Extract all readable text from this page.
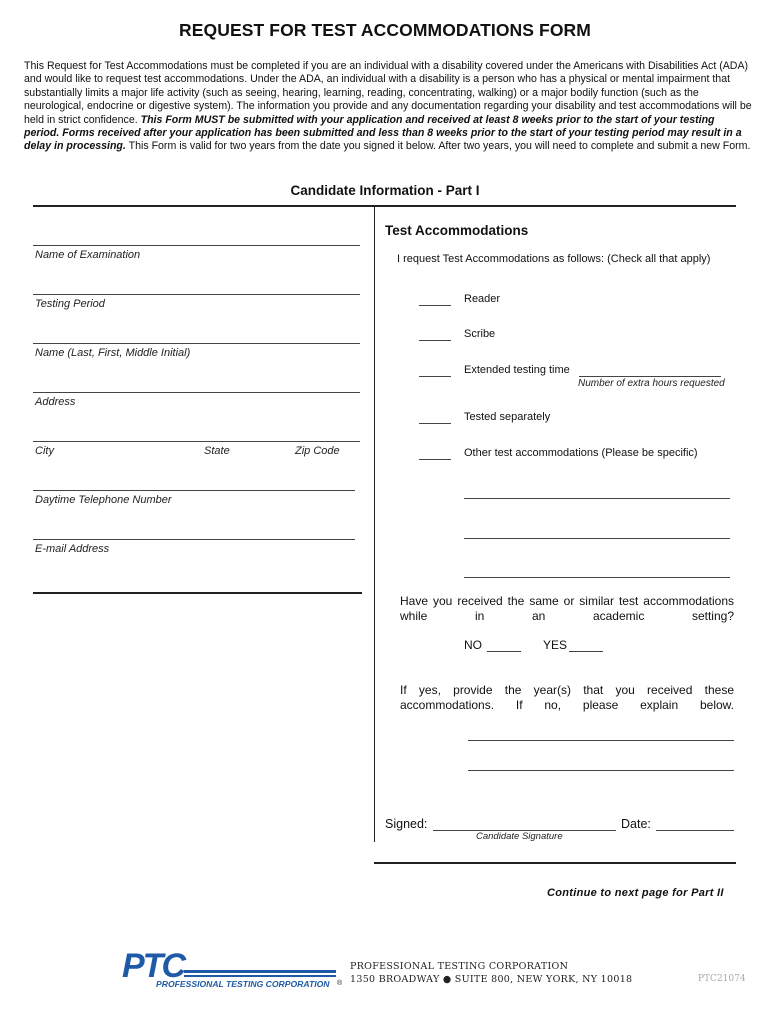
REQUEST FOR TEST ACCOMMODATIONS FORM
This Request for Test Accommodations must be completed if you are an individual with a disability covered under the Americans with Disabilities Act (ADA) and would like to request test accommodations. Under the ADA, an individual with a disability is a person who has a physical or mental impairment that substantially limits a major life activity (such as seeing, hearing, learning, reading, concentrating, walking) or a major bodily function (such as the neurological, endocrine or digestive system). The information you provide and any documentation regarding your disability and test accommodations will be held in strict confidence. This Form MUST be submitted with your application and received at least 8 weeks prior to the start of your testing period. Forms received after your application has been submitted and less than 8 weeks prior to the start of your testing period may result in a delay in processing. This Form is valid for two years from the date you signed it below. After two years, you will need to complete and submit a new Form.
Candidate Information - Part I
Name of Examination
Testing Period
Name (Last, First, Middle Initial)
Address
City	State	Zip Code
Daytime Telephone Number
E-mail Address
Test Accommodations
I request Test Accommodations as follows: (Check all that apply)
Reader
Scribe
Extended testing time
Number of extra hours requested
Tested separately
Other test accommodations (Please be specific)
Have you received the same or similar test accommodations while in an academic setting?
NO	YES
If yes, provide the year(s) that you received these accommodations. If no, please explain below.
Signed:	Date:
Candidate Signature
Continue to next page for Part II
PTC
PROFESSIONAL TESTING CORPORATION ®
PROFESSIONAL TESTING CORPORATION
1350 BROADWAY ● SUITE 800, NEW YORK, NY 10018	PTC21074
